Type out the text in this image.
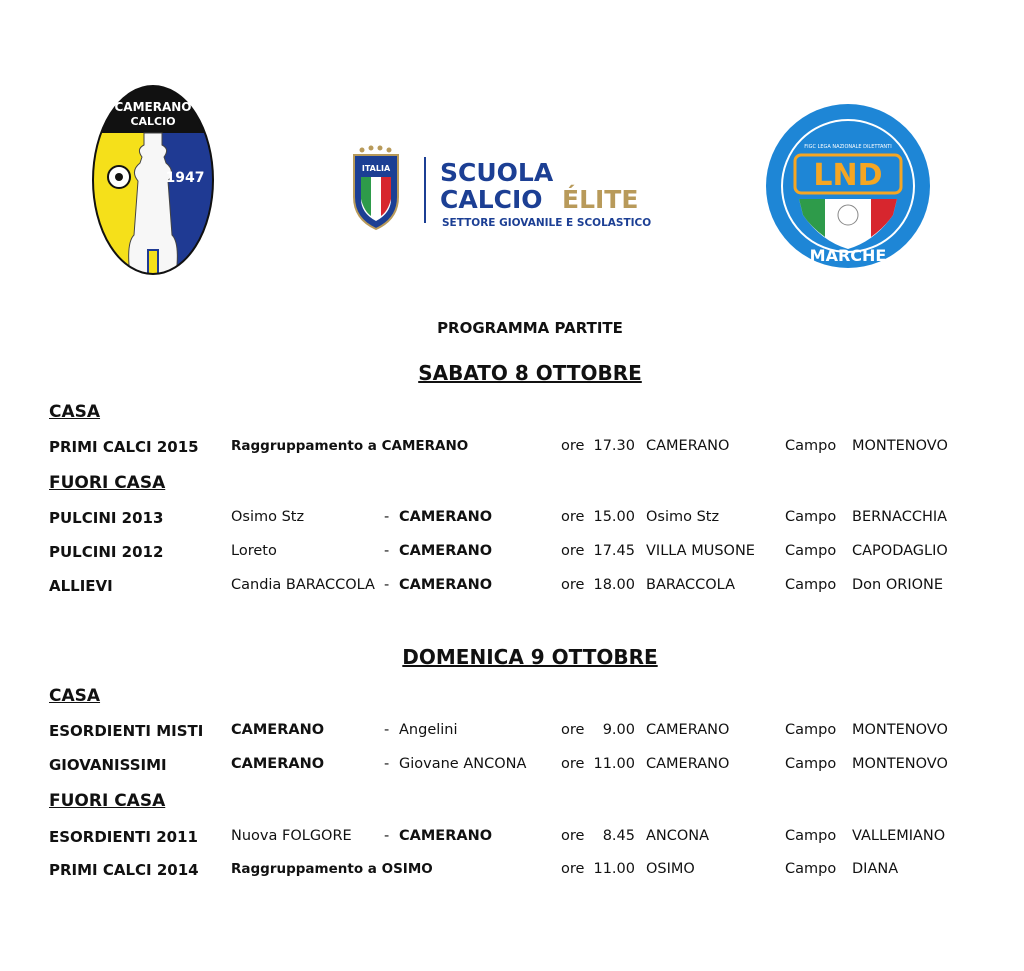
CAMERANO
CALCIO
1947
ITALIA SCUOLA
CALCIO ÉLITE
SETTORE GIOVANILE E SCOLASTICO
FIGC LEGA NAZIONALE DILETTANTI
LND
MARCHE
PROGRAMMA PARTITE
SABATO 8 OTTOBRE
DOMENICA 9 OTTOBRE
CASA
PRIMI CALCI 2015 Raggruppamento a CAMERANO	ore 17.30 CAMERANO	Campo MONTENOVO
FUORI CASA
PULCINI 2013	Osimo Stz	- CAMERANO	ore 15.00 Osimo Stz	Campo BERNACCHIA
PULCINI 2012	Loreto	- CAMERANO	ore 17.45 VILLA MUSONE Campo CAPODAGLIO
ALLIEVI	Candia BARACCOLA - CAMERANO	ore 18.00 BARACCOLA	Campo Don ORIONE
CASA
ESORDIENTI MISTI CAMERANO	- Angelini	ore	9.00 CAMERANO	Campo MONTENOVO
GIOVANISSIMI	CAMERANO	- Giovane ANCONA ore 11.00 CAMERANO	Campo MONTENOVO
FUORI CASA
ESORDIENTI 2011 Nuova FOLGORE - CAMERANO	ore	8.45 ANCONA	Campo VALLEMIANO
PRIMI CALCI 2014 Raggruppamento a OSIMO	ore 11.00 OSIMO	Campo DIANA
